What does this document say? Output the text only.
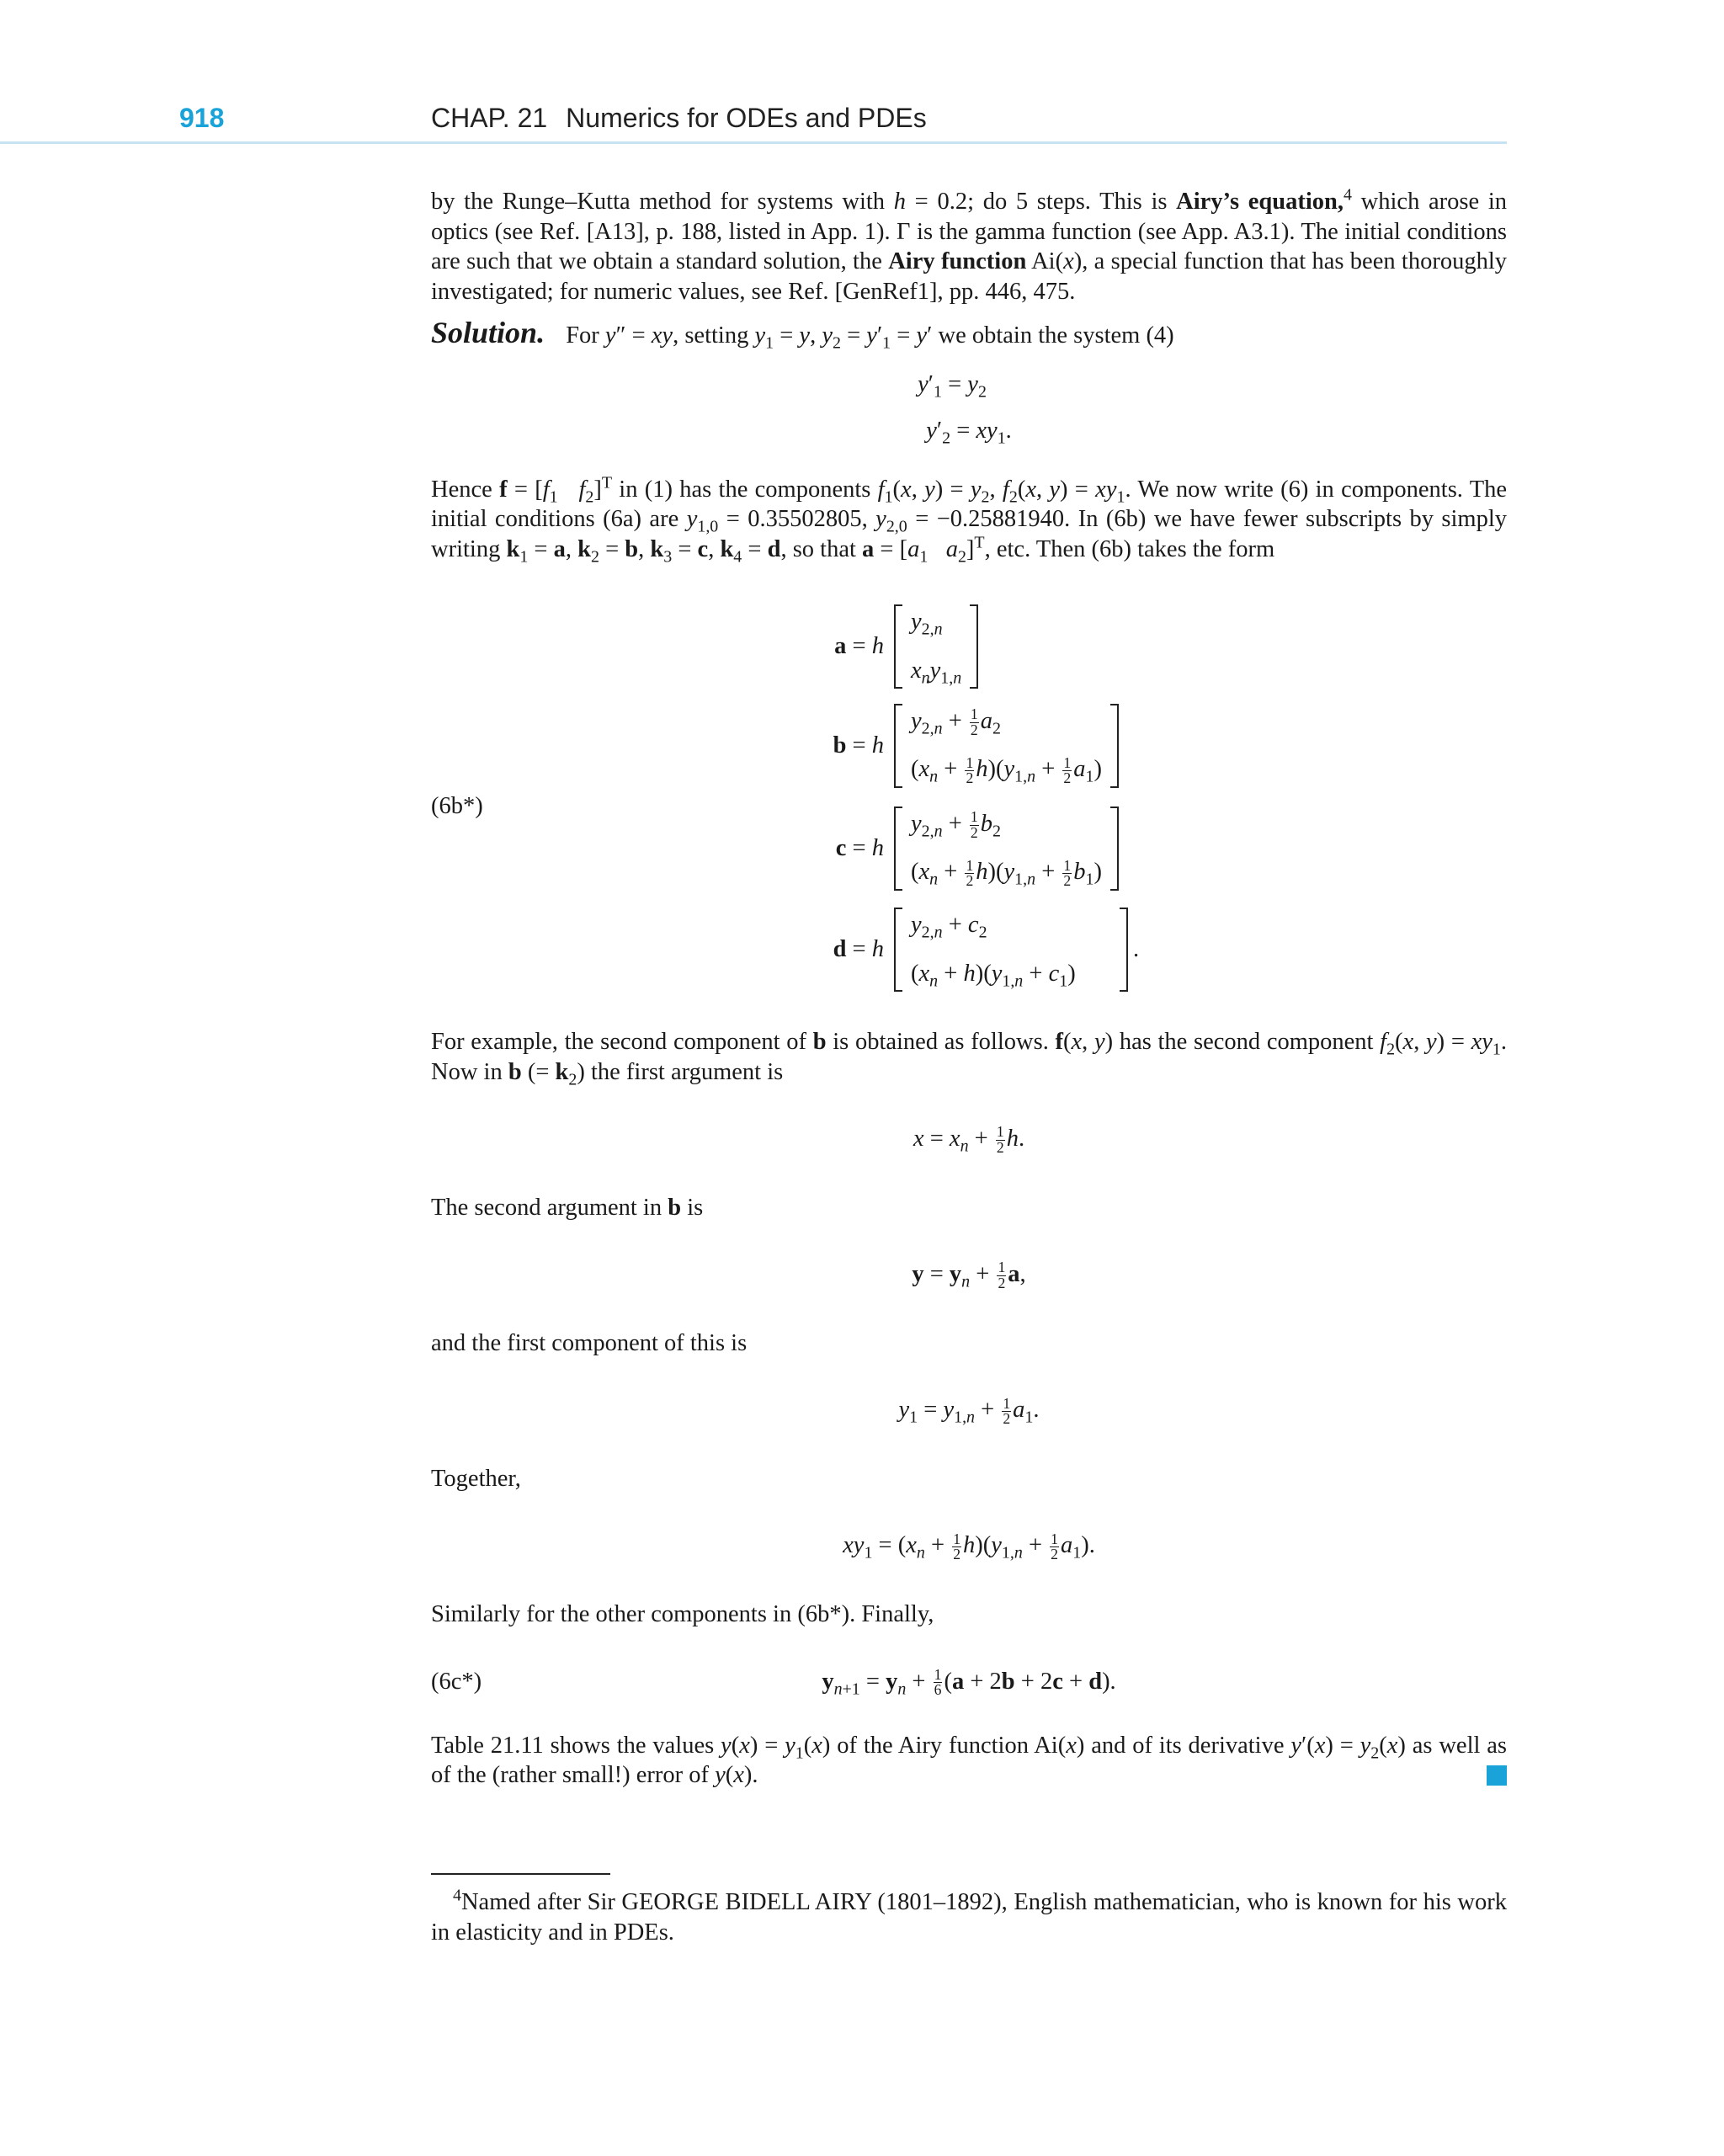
918	CHAP. 21 Numerics for ODEs and PDEs

by the Runge–Kutta method for systems with h = 0.2; do 5 steps. This is Airy’s equation,$^4$ which arose in optics (see Ref. [A13], p. 188, listed in App. 1). Γ is the gamma function (see App. A3.1). The initial conditions are such that we obtain a standard solution, the Airy function Ai(x), a special function that has been thoroughly investigated; for numeric values, see Ref. [GenRef1], pp. 446, 475.

Solution. For y″ = xy, setting $y_1 = y$, $y_2 = y'_1 = y'$ we obtain the system (4)

$y'_1 = y_2$

$y'_2 = xy_1$.

Hence $f = [f_1$ $f_2]^T$ in (1) has the components $f_1(x$, $y) = y_2$, $f_2(x$, $y) = xy_1$. We now write (6) in components. The initial conditions (6a) are $y_{1,0} = 0.35502805$, $y_{2,0} = -0.25881940$. In (6b) we have fewer subscripts by simply writing $k_1 = a$, $k_2 = b$, $k_3 = c$, $k_4 = d$, so that $a = [a_1$ $a_2]^T$, etc. Then (6b) takes the form

(6b*)
a = h
$y_{2,n}$
$x_ny_{1,n}$
b = h
$y_{2,n} + \frac{1}{2} a_2$
$(x_n + \frac{1}{2} h)(y_{1,n} + \frac{1}{2} a_1)$
c = h
$y_{2,n} + \frac{1}{2} b_2$
$(x_n + \frac{1}{2} h)(y_{1,n} + \frac{1}{2} b_1)$
d = h
$y_{2,n} + c_2$
$(x_n + h)(y_{1,n} + c_1)$
.

For example, the second component of b is obtained as follows. f(x, y) has the second component $f_2(x$, $y) = xy_1$. Now in b (= $k_2$) the first argument is

$x = x_n + \frac{1}{2} h$.

The second argument in b is

$y = y_n + \frac{1}{2} a$,

and the first component of this is

$y_1 = y_{1,n} + \frac{1}{2} a_1$.

Together,

$xy_1 = (x_n + \frac{1}{2} h)(y_{1,n} + \frac{1}{2} a_1)$.

Similarly for the other components in (6b*). Finally,

(6c*)	$y_{n+1} = y_n + \frac{1}{6} (a + 2b + 2c + d)$.

Table 21.11 shows the values $y(x) = y_1(x)$ of the Airy function Ai(x) and of its derivative $y'(x) = y_2(x)$ as well as of the (rather small!) error of y(x).

$^4$Named after Sir GEORGE BIDELL AIRY (1801–1892), English mathematician, who is known for his work in elasticity and in PDEs.
